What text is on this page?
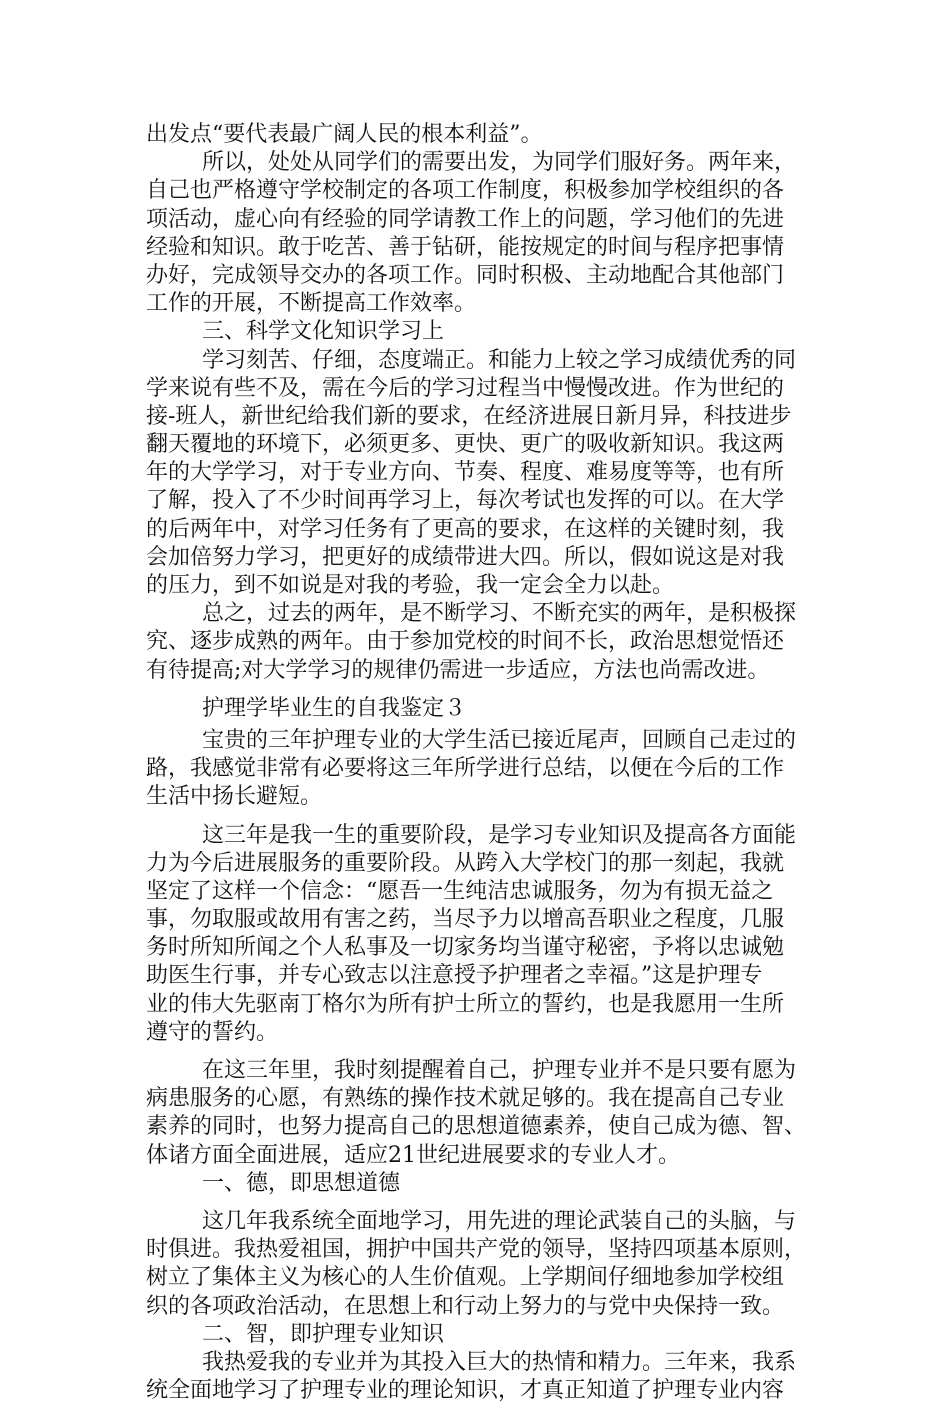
出发点“要代表最广阔人民的根本利益”。
所以，处处从同学们的需要出发，为同学们服好务。两年来，
自己也严格遵守学校制定的各项工作制度，积极参加学校组织的各
项活动，虚心向有经验的同学请教工作上的问题，学习他们的先进
经验和知识。敢于吃苦、善于钻研，能按规定的时间与程序把事情
办好，完成领导交办的各项工作。同时积极、主动地配合其他部门
工作的开展，不断提高工作效率。
三、科学文化知识学习上
学习刻苦、仔细，态度端正。和能力上较之学习成绩优秀的同
学来说有些不及，需在今后的学习过程当中慢慢改进。作为世纪的
接-班人，新世纪给我们新的要求，在经济进展日新月异，科技进步
翻天覆地的环境下，必须更多、更快、更广的吸收新知识。我这两
年的大学学习，对于专业方向、节奏、程度、难易度等等，也有所
了解，投入了不少时间再学习上，每次考试也发挥的可以。在大学
的后两年中，对学习任务有了更高的要求，在这样的关键时刻，我
会加倍努力学习，把更好的成绩带进大四。所以，假如说这是对我
的压力，到不如说是对我的考验，我一定会全力以赴。
总之，过去的两年，是不断学习、不断充实的两年，是积极探
究、逐步成熟的两年。由于参加党校的时间不长，政治思想觉悟还
有待提高;对大学学习的规律仍需进一步适应，方法也尚需改进。
护理学毕业生的自我鉴定３
宝贵的三年护理专业的大学生活已接近尾声，回顾自己走过的
路，我感觉非常有必要将这三年所学进行总结，以便在今后的工作
生活中扬长避短。
这三年是我一生的重要阶段，是学习专业知识及提高各方面能
力为今后进展服务的重要阶段。从跨入大学校门的那一刻起，我就
坚定了这样一个信念：“愿吾一生纯洁忠诚服务，勿为有损无益之
事，勿取服或故用有害之药，当尽予力以增高吾职业之程度，几服
务时所知所闻之个人私事及一切家务均当谨守秘密，予将以忠诚勉
助医生行事，并专心致志以注意授予护理者之幸福。”这是护理专
业的伟大先驱南丁格尔为所有护士所立的誓约，也是我愿用一生所
遵守的誓约。
在这三年里，我时刻提醒着自己，护理专业并不是只要有愿为
病患服务的心愿，有熟练的操作技术就足够的。我在提高自己专业
素养的同时，也努力提高自己的思想道德素养，使自己成为德、智、
体诸方面全面进展，适应21世纪进展要求的专业人才。
一、德，即思想道德
这几年我系统全面地学习，用先进的理论武装自己的头脑，与
时俱进。我热爱祖国，拥护中国共产党的领导，坚持四项基本原则，
树立了集体主义为核心的人生价值观。上学期间仔细地参加学校组
织的各项政治活动，在思想上和行动上努力的与党中央保持一致。
二、智，即护理专业知识
我热爱我的专业并为其投入巨大的热情和精力。三年来，我系
统全面地学习了护理专业的理论知识，才真正知道了护理专业内容
